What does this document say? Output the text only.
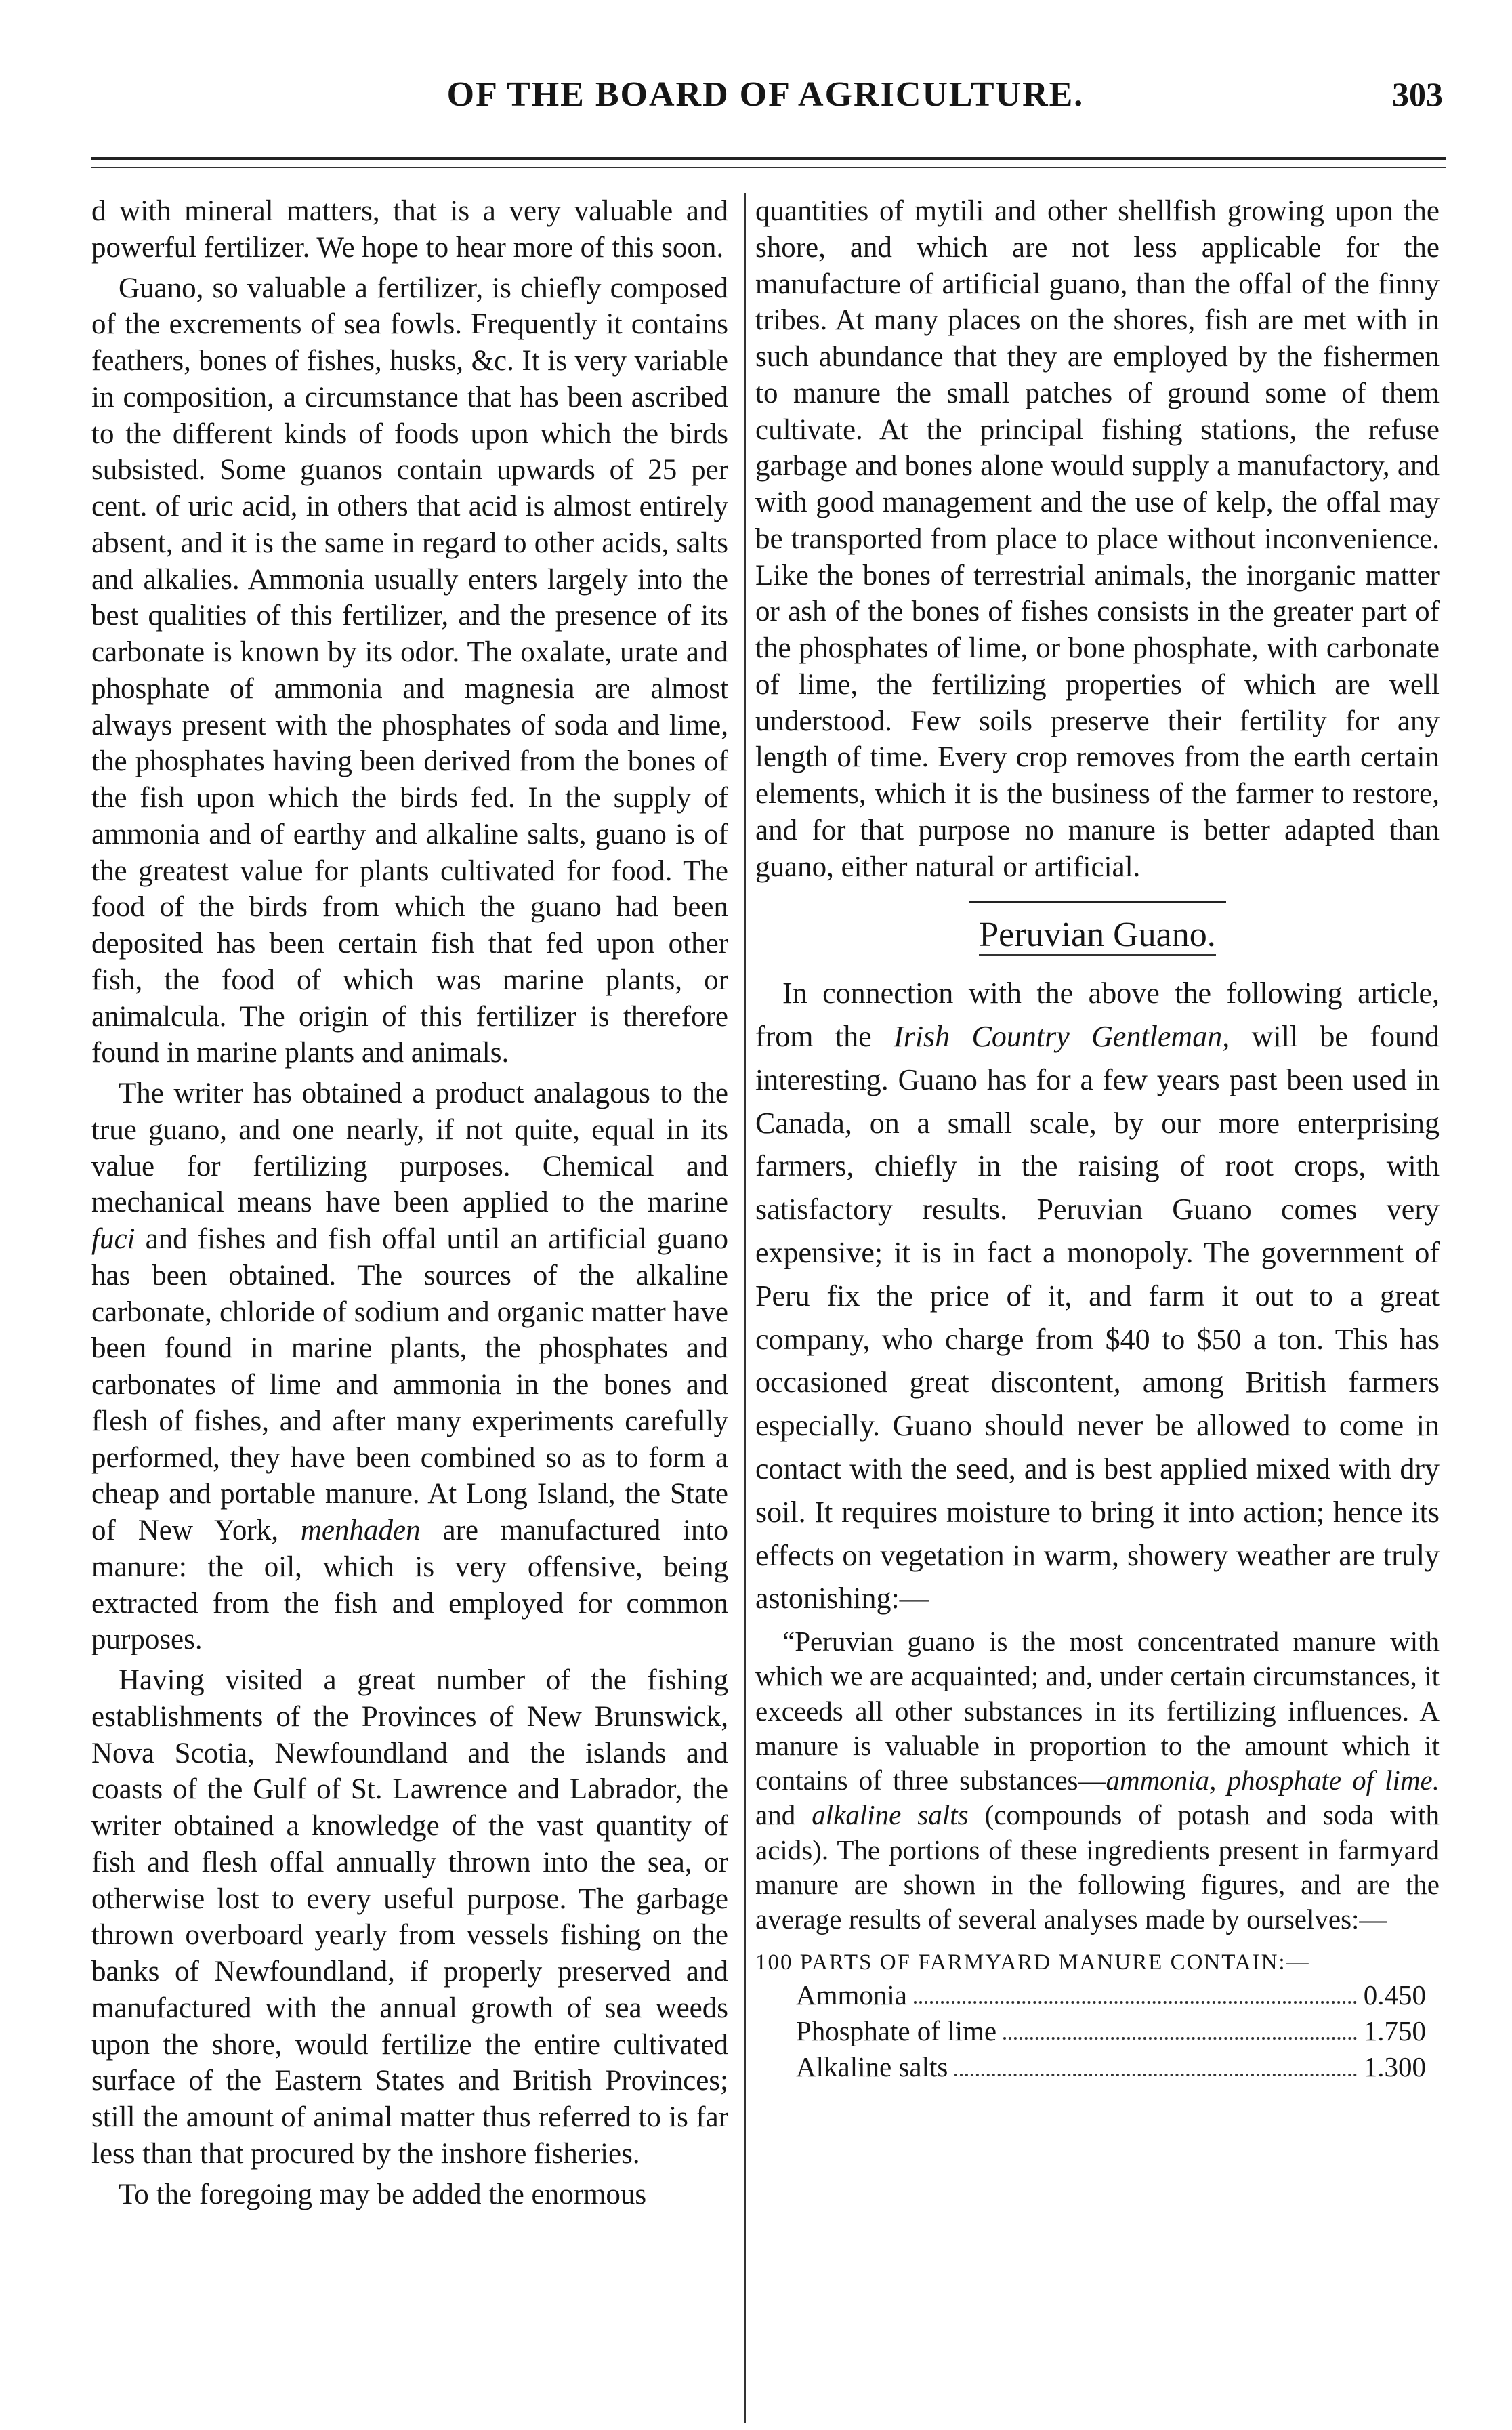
OF THE BOARD OF AGRICULTURE.	303

d with mineral matters, that is a very valuable and powerful fertilizer. We hope to hear more of this soon.

Guano, so valuable a fertilizer, is chiefly composed of the excrements of sea fowls. Frequently it contains feathers, bones of fishes, husks, &c. It is very variable in composition, a circumstance that has been ascribed to the different kinds of foods upon which the birds subsisted. Some guanos contain upwards of 25 per cent. of uric acid, in others that acid is almost entirely absent, and it is the same in regard to other acids, salts and alkalies. Ammonia usually enters largely into the best qualities of this fertilizer, and the presence of its carbonate is known by its odor. The oxalate, urate and phosphate of ammonia and magnesia are almost always present with the phosphates of soda and lime, the phosphates having been derived from the bones of the fish upon which the birds fed. In the supply of ammonia and of earthy and alkaline salts, guano is of the greatest value for plants cultivated for food. The food of the birds from which the guano had been deposited has been certain fish that fed upon other fish, the food of which was marine plants, or animalcula. The origin of this fertilizer is therefore found in marine plants and animals.

The writer has obtained a product analagous to the true guano, and one nearly, if not quite, equal in its value for fertilizing purposes. Chemical and mechanical means have been applied to the marine fuci and fishes and fish offal until an artificial guano has been obtained. The sources of the alkaline carbonate, chloride of sodium and organic matter have been found in marine plants, the phosphates and carbonates of lime and ammonia in the bones and flesh of fishes, and after many experiments carefully performed, they have been combined so as to form a cheap and portable manure. At Long Island, the State of New York, menhaden are manufactured into manure: the oil, which is very offensive, being extracted from the fish and employed for common purposes.

Having visited a great number of the fishing establishments of the Provinces of New Brunswick, Nova Scotia, Newfoundland and the islands and coasts of the Gulf of St. Lawrence and Labrador, the writer obtained a knowledge of the vast quantity of fish and flesh offal annually thrown into the sea, or otherwise lost to every useful purpose. The garbage thrown overboard yearly from vessels fishing on the banks of Newfoundland, if properly preserved and manufactured with the annual growth of sea weeds upon the shore, would fertilize the entire cultivated surface of the Eastern States and British Provinces; still the amount of animal matter thus referred to is far less than that procured by the inshore fisheries.

To the foregoing may be added the enormous

quantities of mytili and other shellfish growing upon the shore, and which are not less applicable for the manufacture of artificial guano, than the offal of the finny tribes. At many places on the shores, fish are met with in such abundance that they are employed by the fishermen to manure the small patches of ground some of them cultivate. At the principal fishing stations, the refuse garbage and bones alone would supply a manufactory, and with good management and the use of kelp, the offal may be transported from place to place without inconvenience. Like the bones of terrestrial animals, the inorganic matter or ash of the bones of fishes consists in the greater part of the phosphates of lime, or bone phosphate, with carbonate of lime, the fertilizing properties of which are well understood. Few soils preserve their fertility for any length of time. Every crop removes from the earth certain elements, which it is the business of the farmer to restore, and for that purpose no manure is better adapted than guano, either natural or artificial.

Peruvian Guano.

In connection with the above the following article, from the Irish Country Gentleman, will be found interesting. Guano has for a few years past been used in Canada, on a small scale, by our more enterprising farmers, chiefly in the raising of root crops, with satisfactory results. Peruvian Guano comes very expensive; it is in fact a monopoly. The government of Peru fix the price of it, and farm it out to a great company, who charge from $40 to $50 a ton. This has occasioned great discontent, among British farmers especially. Guano should never be allowed to come in contact with the seed, and is best applied mixed with dry soil. It requires moisture to bring it into action; hence its effects on vegetation in warm, showery weather are truly astonishing:—

“Peruvian guano is the most concentrated manure with which we are acquainted; and, under certain circumstances, it exceeds all other substances in its fertilizing influences. A manure is valuable in proportion to the amount which it contains of three substances—ammonia, phosphate of lime. and alkaline salts (compounds of potash and soda with acids). The portions of these ingredients present in farmyard manure are shown in the following figures, and are the average results of several analyses made by ourselves:—

100 PARTS OF FARMYARD MANURE CONTAIN:—
Ammonia	0.450
Phosphate of lime	1.750
Alkaline salts	1.300
